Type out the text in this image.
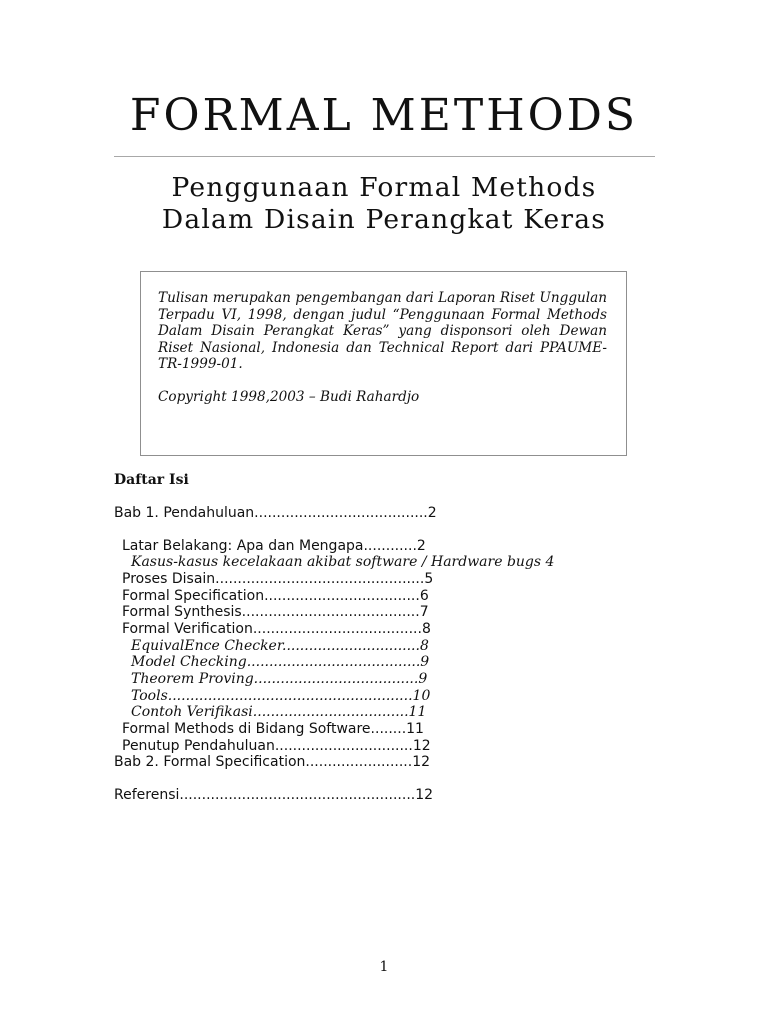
FORMAL METHODS
Penggunaan Formal Methods
Dalam Disain Perangkat Keras
Tulisan merupakan pengembangan dari Laporan Riset Unggulan Terpadu VI, 1998, dengan judul “Penggunaan Formal Methods Dalam Disain Perangkat Keras” yang disponsori oleh Dewan Riset Nasional, Indonesia dan Technical Report dari PPAUME-TR-1999-01.
Copyright 1998,2003 – Budi Rahardjo
Daftar Isi
Bab 1. Pendahuluan.......................................2
Latar Belakang: Apa dan Mengapa............2
Kasus-kasus kecelakaan akibat software / Hardware bugs 4
Proses Disain...............................................5
Formal Specification...................................6
Formal Synthesis........................................7
Formal Verification......................................8
EquivalEnce Checker...............................8
Model Checking.......................................9
Theorem Proving.....................................9
Tools.......................................................10
Contoh Verifikasi...................................11
Formal Methods di Bidang Software........11
Penutup Pendahuluan...............................12
Bab 2. Formal Specification........................12
Referensi.....................................................12
1
